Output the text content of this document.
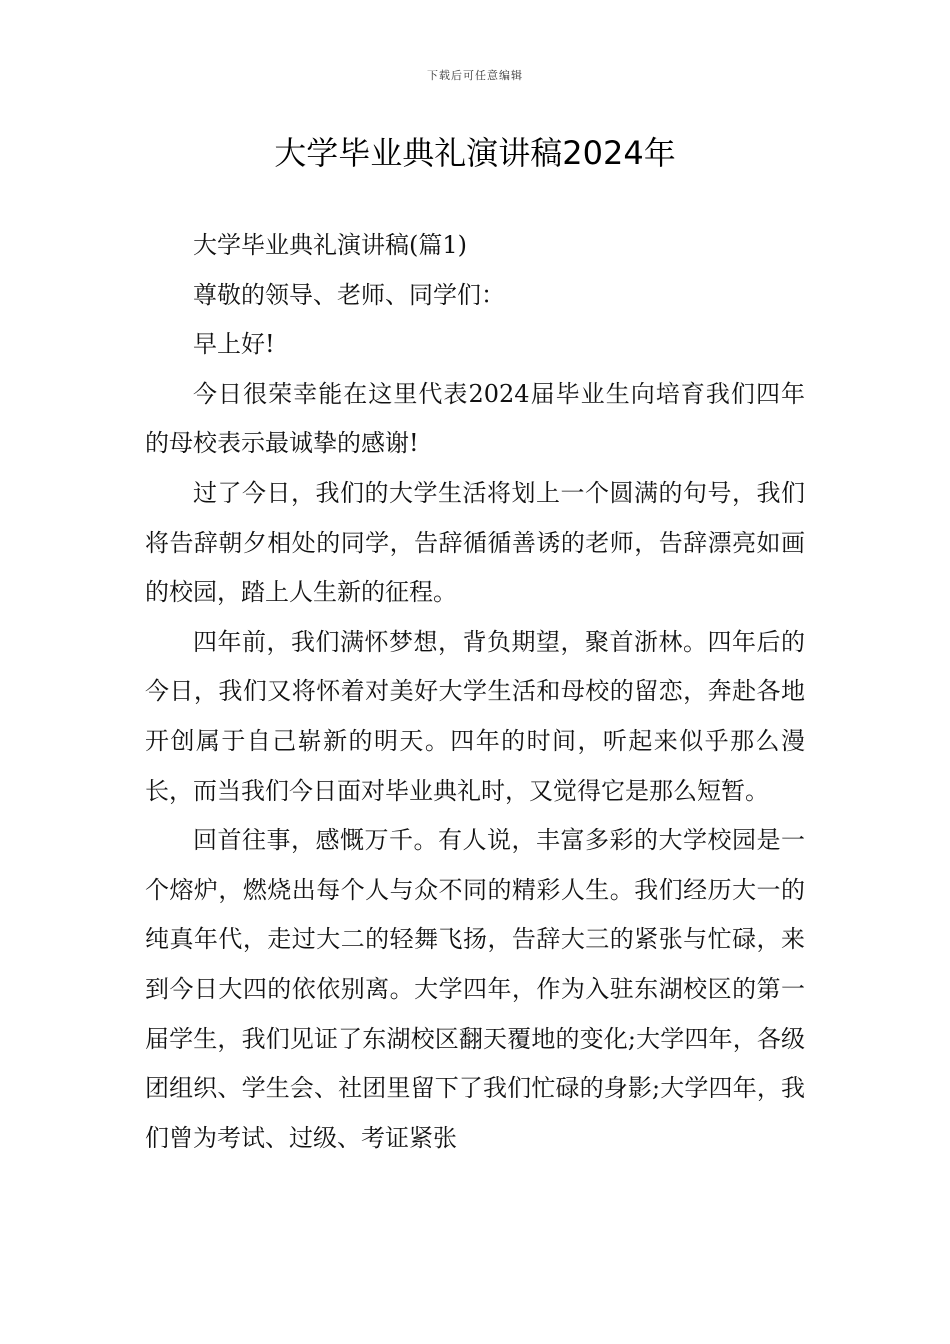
下载后可任意编辑
大学毕业典礼演讲稿2024年

大学毕业典礼演讲稿(篇1)

尊敬的领导、老师、同学们：

早上好!

今日很荣幸能在这里代表2024届毕业生向培育我们四年的母校表示最诚挚的感谢!

过了今日，我们的大学生活将划上一个圆满的句号，我们将告辞朝夕相处的同学，告辞循循善诱的老师，告辞漂亮如画的校园，踏上人生新的征程。

四年前，我们满怀梦想，背负期望，聚首浙林。四年后的今日，我们又将怀着对美好大学生活和母校的留恋，奔赴各地开创属于自己崭新的明天。四年的时间，听起来似乎那么漫长，而当我们今日面对毕业典礼时，又觉得它是那么短暂。

回首往事，感慨万千。有人说，丰富多彩的大学校园是一个熔炉，燃烧出每个人与众不同的精彩人生。我们经历大一的纯真年代，走过大二的轻舞飞扬，告辞大三的紧张与忙碌，来到今日大四的依依别离。大学四年，作为入驻东湖校区的第一届学生，我们见证了东湖校区翻天覆地的变化;大学四年，各级团组织、学生会、社团里留下了我们忙碌的身影;大学四年，我们曾为考试、过级、考证紧张
